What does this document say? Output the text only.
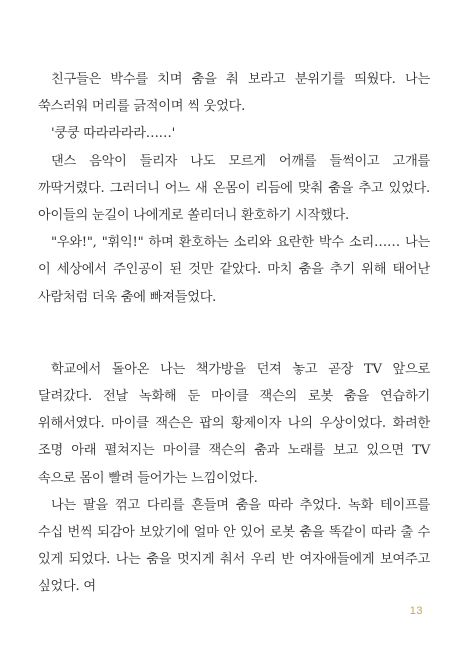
친구들은 박수를 치며 춤을 춰 보라고 분위기를 띄웠다. 나는 쑥스러워 머리를 긁적이며 씩 웃었다.

'쿵쿵 따라라라라……'

댄스 음악이 들리자 나도 모르게 어깨를 들썩이고 고개를 까딱거렸다. 그러더니 어느 새 온몸이 리듬에 맞춰 춤을 추고 있었다. 아이들의 눈길이 나에게로 쏠리더니 환호하기 시작했다.

"우와!", "휘익!" 하며 환호하는 소리와 요란한 박수 소리…… 나는 이 세상에서 주인공이 된 것만 같았다. 마치 춤을 추기 위해 태어난 사람처럼 더욱 춤에 빠져들었다.

학교에서 돌아온 나는 책가방을 던져 놓고 곧장 TV 앞으로 달려갔다. 전날 녹화해 둔 마이클 잭슨의 로봇 춤을 연습하기 위해서였다. 마이클 잭슨은 팝의 황제이자 나의 우상이었다. 화려한 조명 아래 펼쳐지는 마이클 잭슨의 춤과 노래를 보고 있으면 TV 속으로 몸이 빨려 들어가는 느낌이었다.

나는 팔을 꺾고 다리를 흔들며 춤을 따라 추었다. 녹화 테이프를 수십 번씩 되감아 보았기에 얼마 안 있어 로봇 춤을 똑같이 따라 출 수 있게 되었다. 나는 춤을 멋지게 춰서 우리 반 여자애들에게 보여주고 싶었다. 여

13
